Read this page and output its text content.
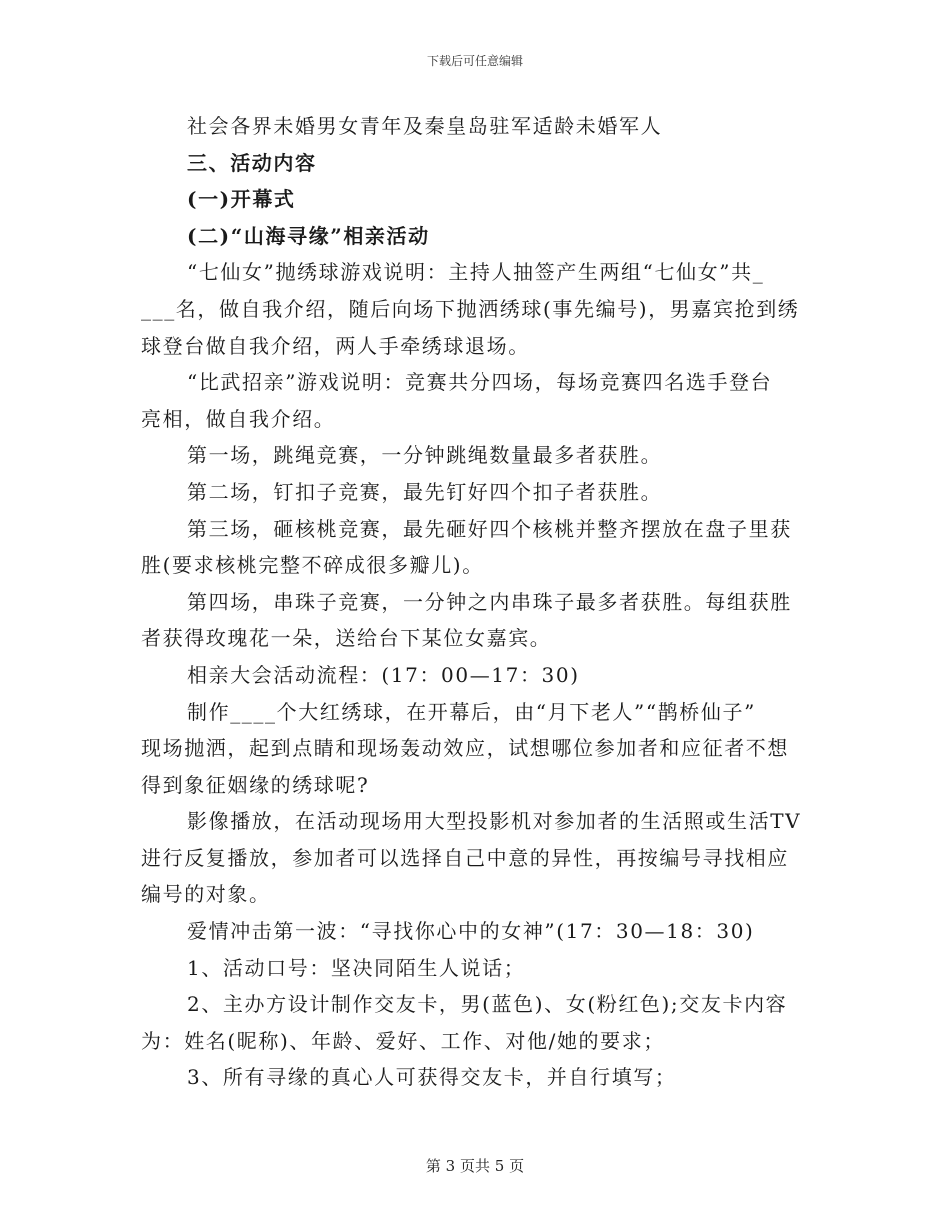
下载后可任意编辑
社会各界未婚男女青年及秦皇岛驻军适龄未婚军人
三、活动内容
(一)开幕式
(二)“山海寻缘”相亲活动
“七仙女”抛绣球游戏说明：主持人抽签产生两组“七仙女”共_
___名，做自我介绍，随后向场下抛洒绣球(事先编号)，男嘉宾抢到绣
球登台做自我介绍，两人手牵绣球退场。
“比武招亲”游戏说明：竞赛共分四场，每场竞赛四名选手登台
亮相，做自我介绍。
第一场，跳绳竞赛，一分钟跳绳数量最多者获胜。
第二场，钉扣子竞赛，最先钉好四个扣子者获胜。
第三场，砸核桃竞赛，最先砸好四个核桃并整齐摆放在盘子里获
胜(要求核桃完整不碎成很多瓣儿)。
第四场，串珠子竞赛，一分钟之内串珠子最多者获胜。每组获胜
者获得玫瑰花一朵，送给台下某位女嘉宾。
相亲大会活动流程：(17：00—17：30)
制作____个大红绣球，在开幕后，由“月下老人”“鹊桥仙子”
现场抛洒，起到点睛和现场轰动效应，试想哪位参加者和应征者不想
得到象征姻缘的绣球呢?
影像播放，在活动现场用大型投影机对参加者的生活照或生活TV
进行反复播放，参加者可以选择自己中意的异性，再按编号寻找相应
编号的对象。
爱情冲击第一波：“寻找你心中的女神”(17：30—18：30)
1、活动口号：坚决同陌生人说话；
2、主办方设计制作交友卡，男(蓝色)、女(粉红色);交友卡内容
为：姓名(昵称)、年龄、爱好、工作、对他/她的要求；
3、所有寻缘的真心人可获得交友卡，并自行填写；
第 3 页共 5 页
